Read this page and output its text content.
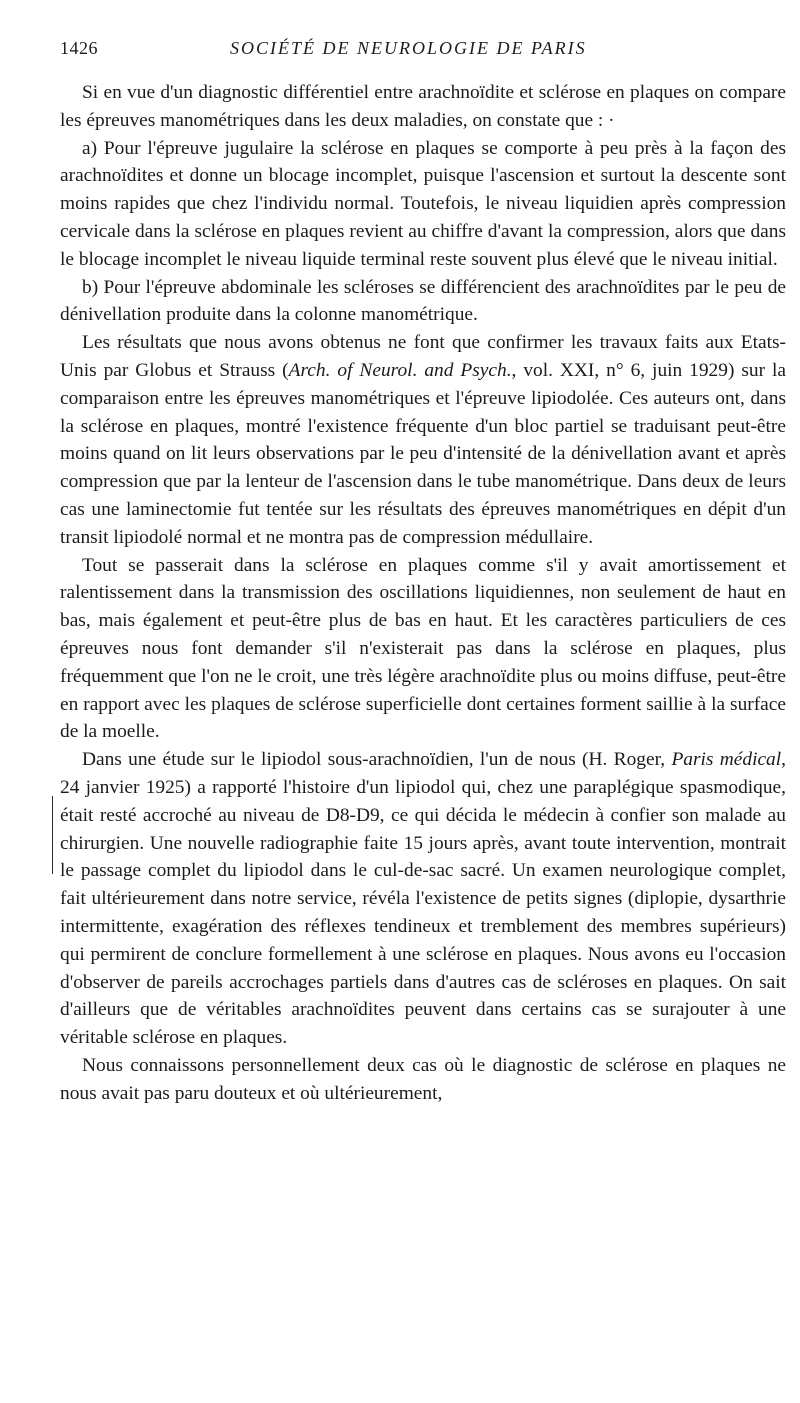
1426	SOCIÉTÉ DE NEUROLOGIE DE PARIS

Si en vue d'un diagnostic différentiel entre arachnoïdite et sclérose en plaques on compare les épreuves manométriques dans les deux maladies, on constate que : ·

a) Pour l'épreuve jugulaire la sclérose en plaques se comporte à peu près à la façon des arachnoïdites et donne un blocage incomplet, puisque l'ascension et surtout la descente sont moins rapides que chez l'individu normal. Toutefois, le niveau liquidien après compression cervicale dans la sclérose en plaques revient au chiffre d'avant la compression, alors que dans le blocage incomplet le niveau liquide terminal reste souvent plus élevé que le niveau initial.

b) Pour l'épreuve abdominale les scléroses se différencient des arachnoïdites par le peu de dénivellation produite dans la colonne manométrique.

Les résultats que nous avons obtenus ne font que confirmer les travaux faits aux Etats-Unis par Globus et Strauss (Arch. of Neurol. and Psych., vol. XXI, n° 6, juin 1929) sur la comparaison entre les épreuves manométriques et l'épreuve lipiodolée. Ces auteurs ont, dans la sclérose en plaques, montré l'existence fréquente d'un bloc partiel se traduisant peut-être moins quand on lit leurs observations par le peu d'intensité de la dénivellation avant et après compression que par la lenteur de l'ascension dans le tube manométrique. Dans deux de leurs cas une laminectomie fut tentée sur les résultats des épreuves manométriques en dépit d'un transit lipiodolé normal et ne montra pas de compression médullaire.

Tout se passerait dans la sclérose en plaques comme s'il y avait amortissement et ralentissement dans la transmission des oscillations liquidiennes, non seulement de haut en bas, mais également et peut-être plus de bas en haut. Et les caractères particuliers de ces épreuves nous font demander s'il n'existerait pas dans la sclérose en plaques, plus fréquemment que l'on ne le croit, une très légère arachnoïdite plus ou moins diffuse, peut-être en rapport avec les plaques de sclérose superficielle dont certaines forment saillie à la surface de la moelle.

Dans une étude sur le lipiodol sous-arachnoïdien, l'un de nous (H. Roger, Paris médical, 24 janvier 1925) a rapporté l'histoire d'un lipiodol qui, chez une paraplégique spasmodique, était resté accroché au niveau de D8-D9, ce qui décida le médecin à confier son malade au chirurgien. Une nouvelle radiographie faite 15 jours après, avant toute intervention, montrait le passage complet du lipiodol dans le cul-de-sac sacré. Un examen neurologique complet, fait ultérieurement dans notre service, révéla l'existence de petits signes (diplopie, dysarthrie intermittente, exagération des réflexes tendineux et tremblement des membres supérieurs) qui permirent de conclure formellement à une sclérose en plaques. Nous avons eu l'occasion d'observer de pareils accrochages partiels dans d'autres cas de scléroses en plaques. On sait d'ailleurs que de véritables arachnoïdites peuvent dans certains cas se surajouter à une véritable sclérose en plaques.

Nous connaissons personnellement deux cas où le diagnostic de sclérose en plaques ne nous avait pas paru douteux et où ultérieurement,
